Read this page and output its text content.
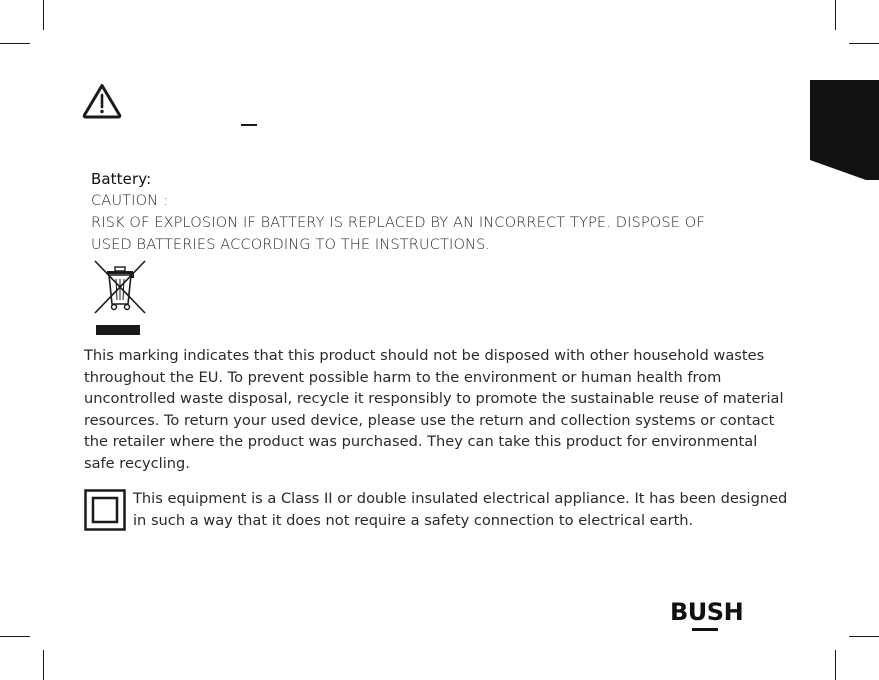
Battery:
CAUTION :
RISK OF EXPLOSION IF BATTERY IS REPLACED BY AN INCORRECT TYPE. DISPOSE OF
USED BATTERIES ACCORDING TO THE INSTRUCTIONS.
This marking indicates that this product should not be disposed with other household wastes
throughout the EU. To prevent possible harm to the environment or human health from
uncontrolled waste disposal, recycle it responsibly to promote the sustainable reuse of material
resources. To return your used device, please use the return and collection systems or contact
the retailer where the product was purchased. They can take this product for environmental
safe recycling.
This equipment is a Class II or double insulated electrical appliance. It has been designed
in such a way that it does not require a safety connection to electrical earth.
BUSH
